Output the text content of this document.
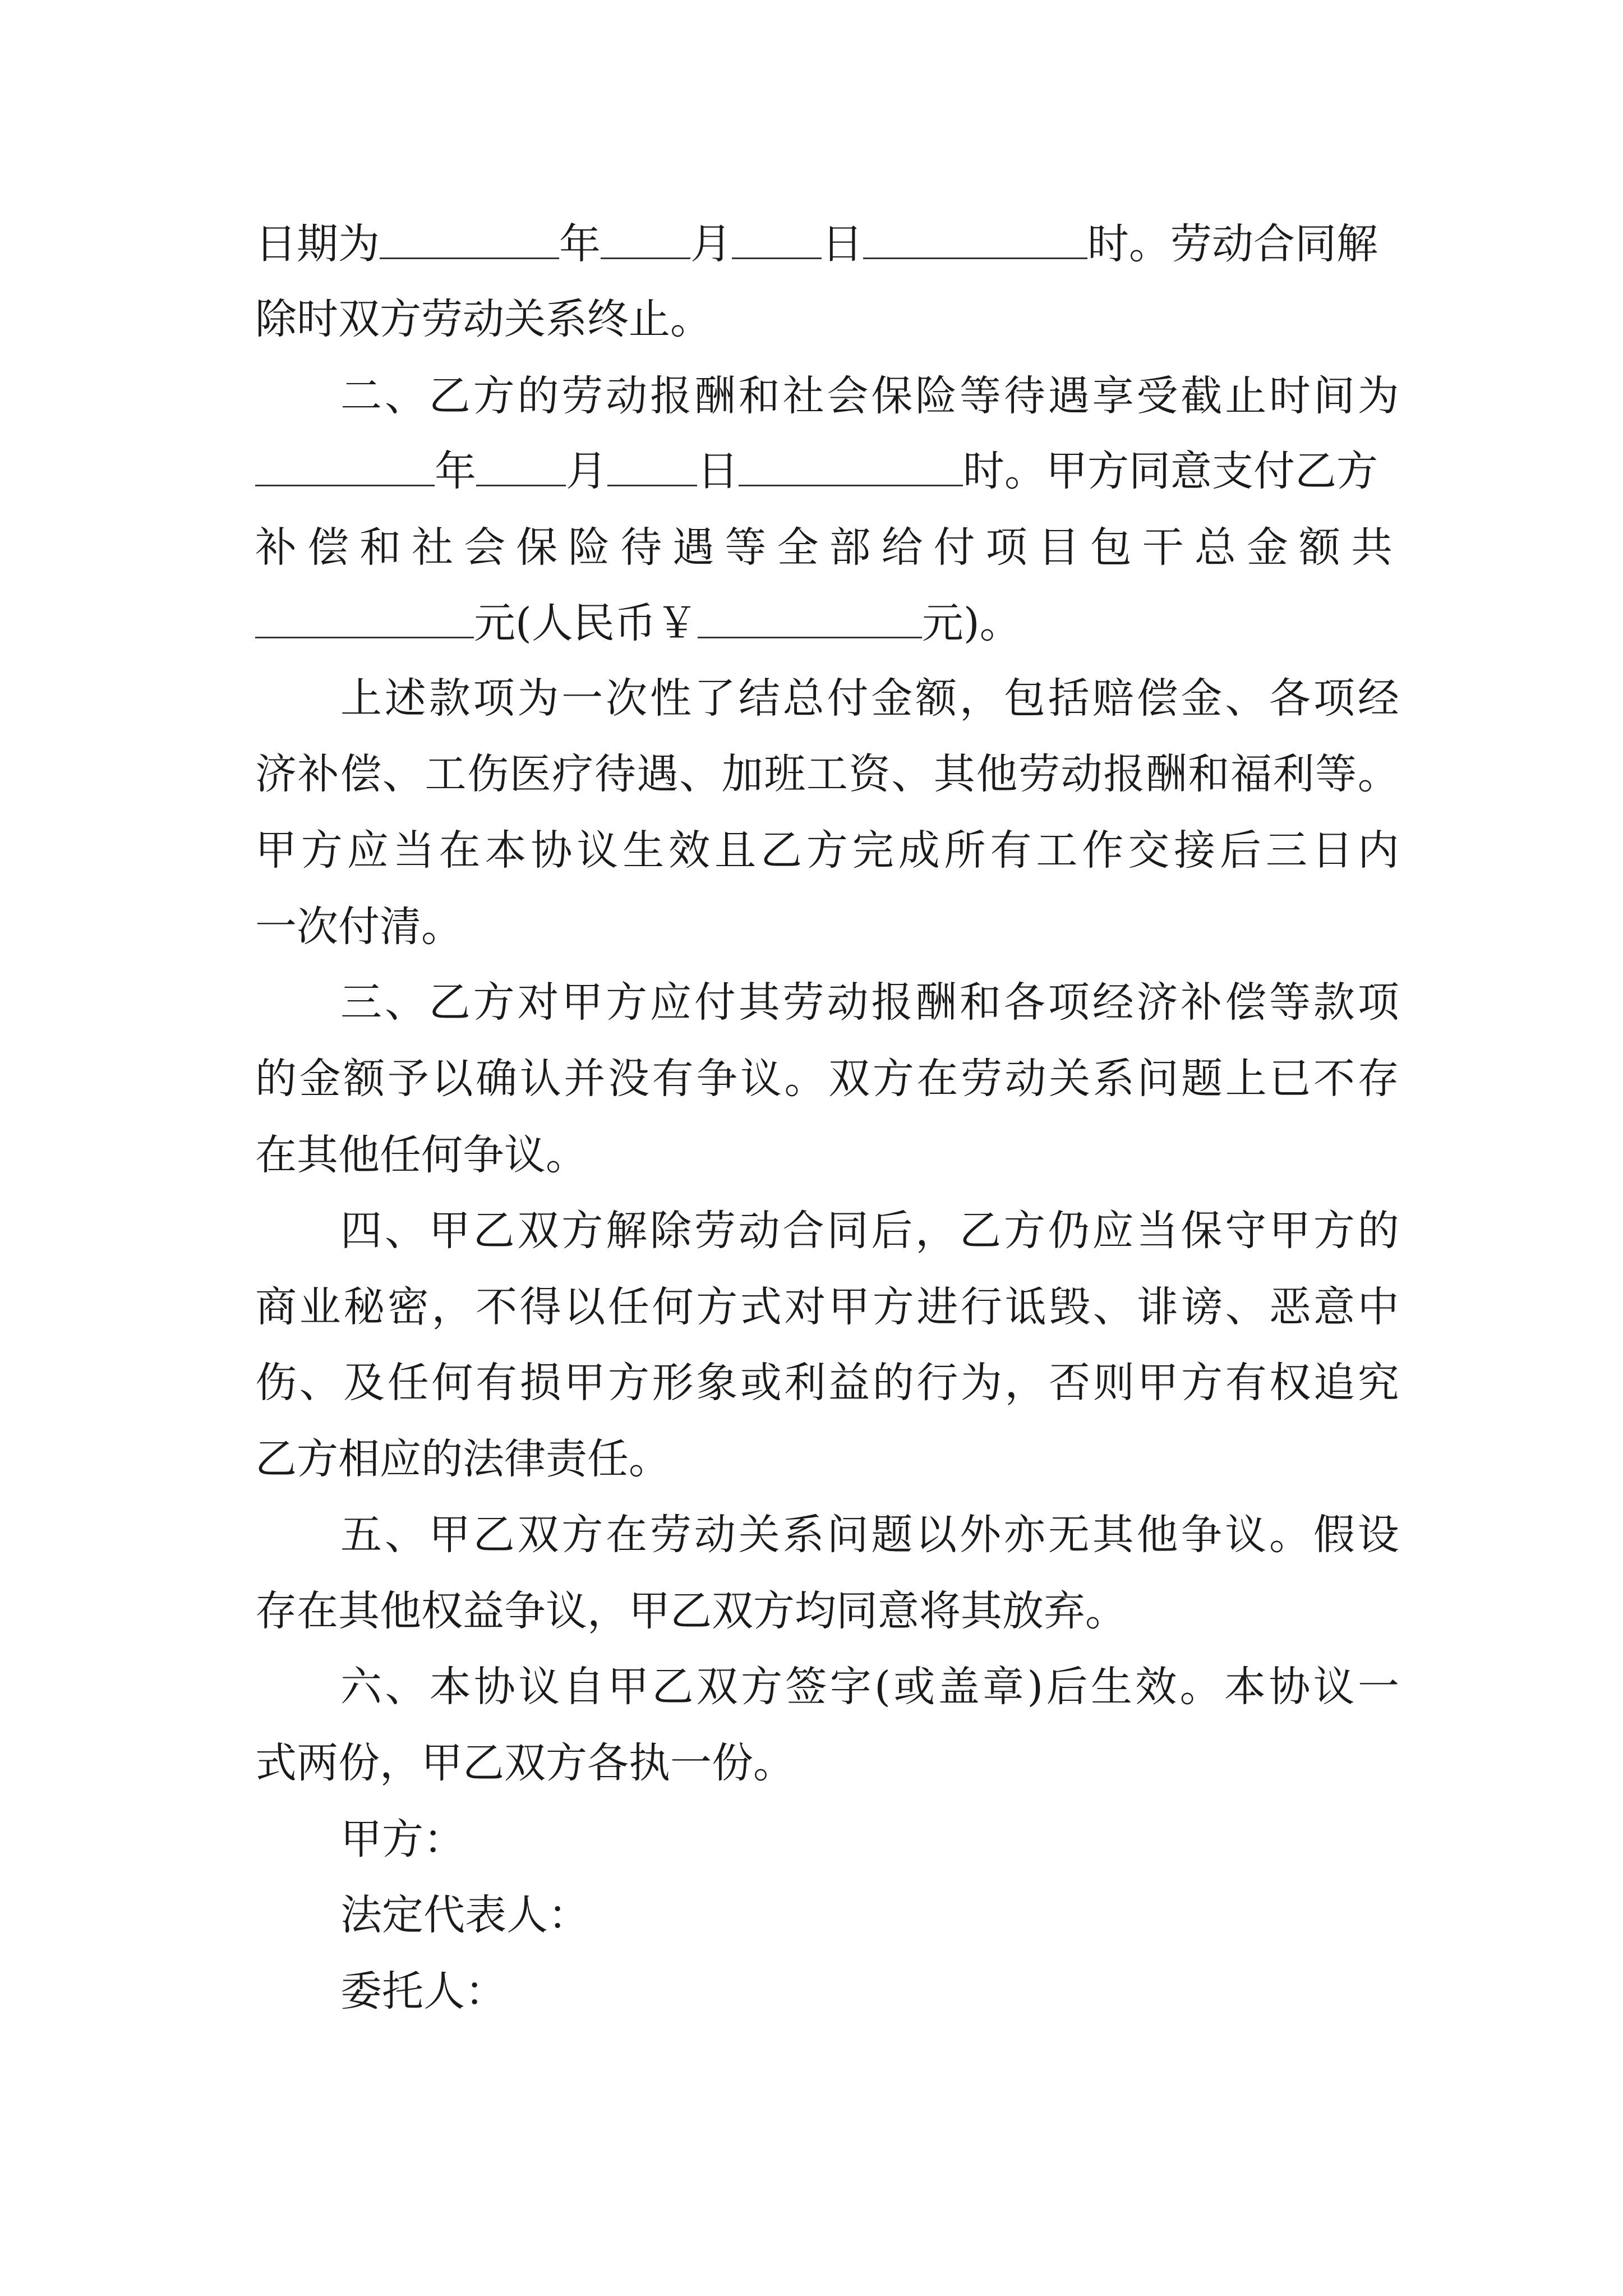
日期为	年 月 日	时。劳动合同解
除时双方劳动关系终止。
二 、 乙 方 的 劳 动 报 酬 和 社 会 保 险 等 待 遇 享 受 截 止 时 间 为
年 月 日	时。甲方同意支付乙方
补 偿 和 社 会 保 险 待 遇 等 全 部 给 付 项 目 包 干 总 金 额 共
元(人民币￥	元)。
上 述 款 项 为 一 次 性 了 结 总 付 金 额 ， 包 括 赔 偿 金 、 各 项 经
济 补 偿 、 工 伤 医 疗 待 遇 、 加 班 工 资 、 其 他 劳 动 报 酬 和 福 利 等 。
甲 方 应 当 在 本 协 议 生 效 且 乙 方 完 成 所 有 工 作 交 接 后 三 日 内
一次付清。
三 、 乙 方 对 甲 方 应 付 其 劳 动 报 酬 和 各 项 经 济 补 偿 等 款 项
的 金 额 予 以 确 认 并 没 有 争 议 。 双 方 在 劳 动 关 系 问 题 上 已 不 存
在其他任何争议。
四 、 甲 乙 双 方 解 除 劳 动 合 同 后 ， 乙 方 仍 应 当 保 守 甲 方 的
商 业 秘 密 ， 不 得 以 任 何 方 式 对 甲 方 进 行 诋 毁 、 诽 谤 、 恶 意 中
伤 、 及 任 何 有 损 甲 方 形 象 或 利 益 的 行 为 ， 否 则 甲 方 有 权 追 究
乙方相应的法律责任。
五 、 甲 乙 双 方 在 劳 动 关 系 问 题 以 外 亦 无 其 他 争 议 。 假 设
存在其他权益争议，甲乙双方均同意将其放弃。
六 、 本 协 议 自 甲 乙 双 方 签 字 ( 或 盖 章 ) 后 生 效 。 本 协 议 一
式两份，甲乙双方各执一份。
甲方：
法定代表人：
委托人：
